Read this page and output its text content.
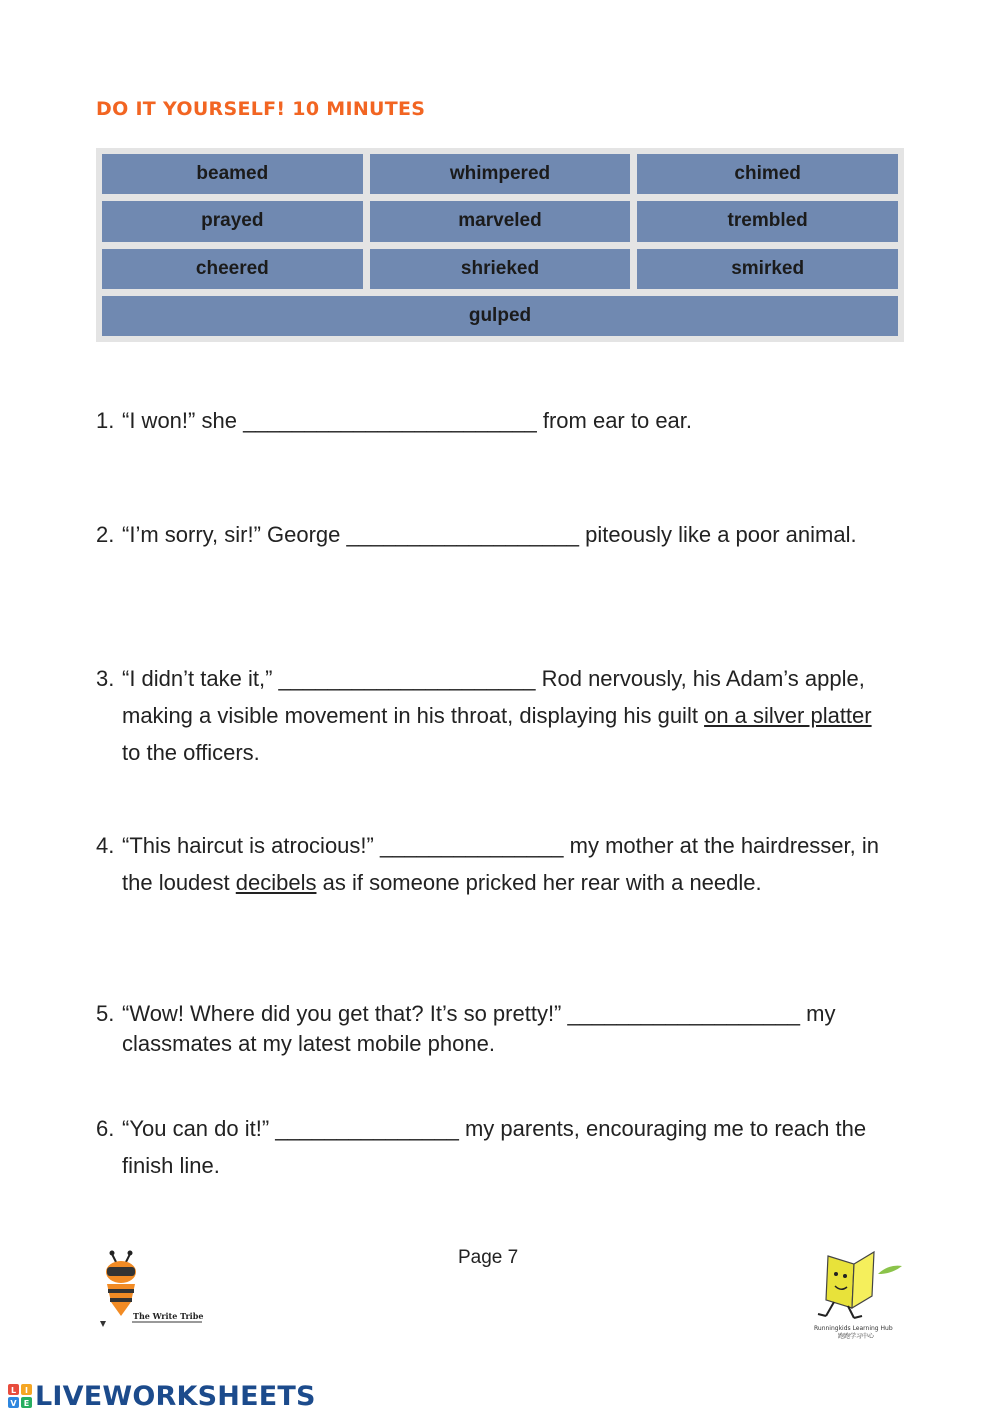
DO IT YOURSELF! 10 MINUTES
beamed	whimpered	chimed
prayed	marveled	trembled
cheered	shrieked	smirked
gulped

1. “I won!” she ________________________ from ear to ear.

2. “I’m sorry, sir!” George ___________________ piteously like a poor animal.

3. “I didn’t take it,” _____________________ Rod nervously, his Adam’s apple, making a visible movement in his throat, displaying his guilt on a silver platter to the officers.

4. “This haircut is atrocious!” _______________ my mother at the hairdresser, in the loudest decibels as if someone pricked her rear with a needle.

5. “Wow! Where did you get that? It’s so pretty!” ___________________ my classmates at my latest mobile phone.

6. “You can do it!” _______________ my parents, encouraging me to reach the finish line.

Page 7
The Write Tribe
Runningkids Learning Hub
跑跑学习中心
L I
V E LIVEWORKSHEETS
